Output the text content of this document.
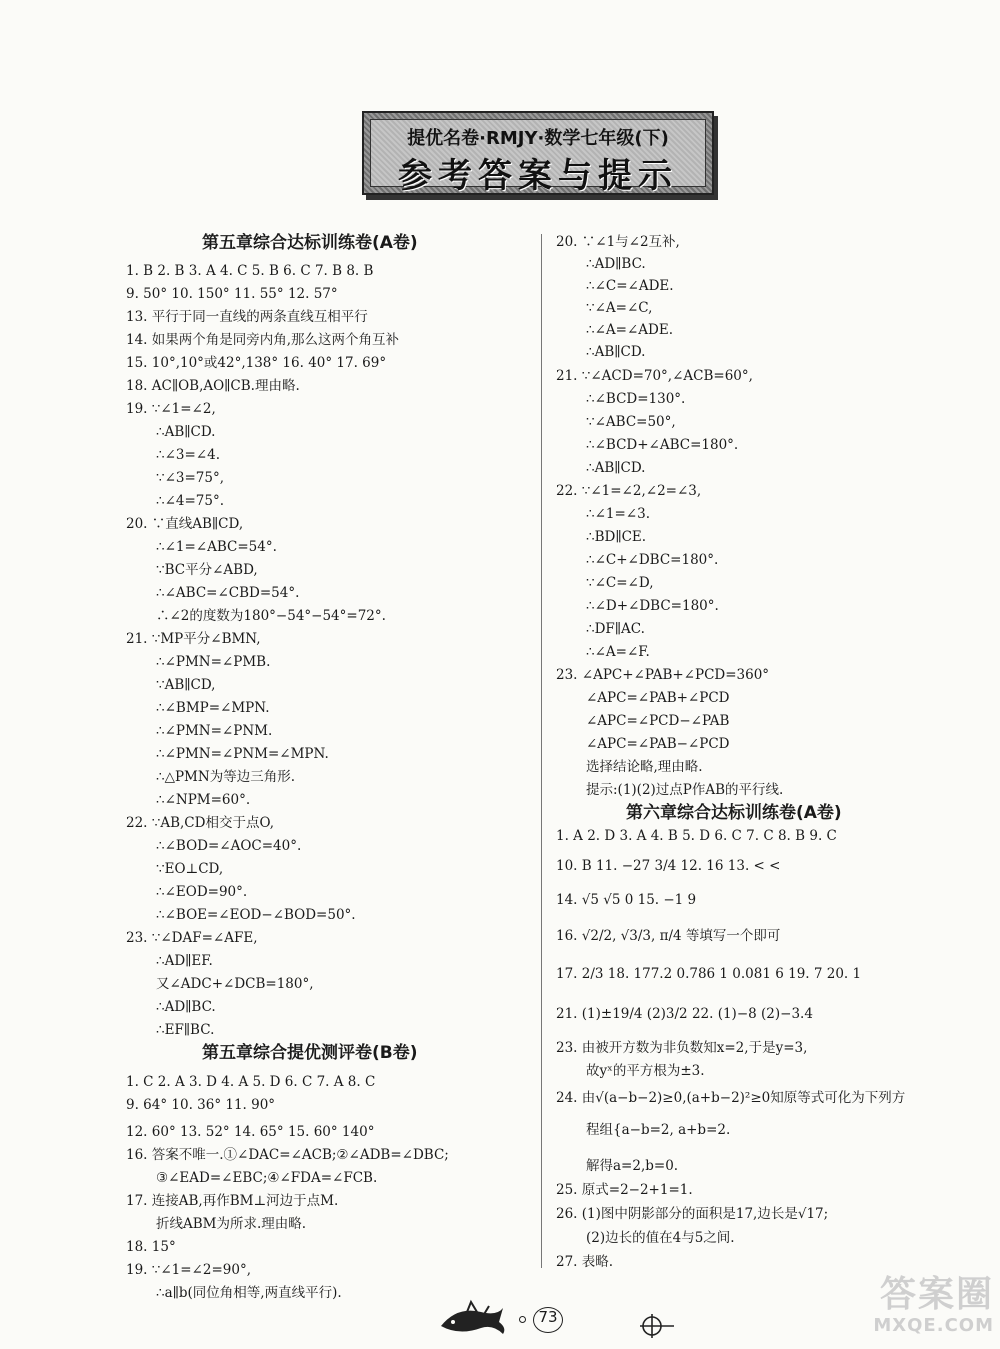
提优名卷·RMJY·数学七年级(下)
参考答案与提示
第五章综合达标训练卷(A卷)
1. B 2. B 3. A 4. C 5. B 6. C 7. B 8. B
9. 50° 10. 150° 11. 55° 12. 57°
13. 平行于同一直线的两条直线互相平行
14. 如果两个角是同旁内角,那么这两个角互补
15. 10°,10°或42°,138° 16. 40° 17. 69°
18. AC∥OB,AO∥CB.理由略.
19. ∵∠1=∠2,
∴AB∥CD.
∴∠3=∠4.
∵∠3=75°,
∴∠4=75°.
20. ∵直线AB∥CD,
∴∠1=∠ABC=54°.
∵BC平分∠ABD,
∴∠ABC=∠CBD=54°.
∴∠2的度数为180°−54°−54°=72°.
21. ∵MP平分∠BMN,
∴∠PMN=∠PMB.
∵AB∥CD,
∴∠BMP=∠MPN.
∴∠PMN=∠PNM.
∴∠PMN=∠PNM=∠MPN.
∴△PMN为等边三角形.
∴∠NPM=60°.
22. ∵AB,CD相交于点O,
∴∠BOD=∠AOC=40°.
∵EO⊥CD,
∴∠EOD=90°.
∴∠BOE=∠EOD−∠BOD=50°.
23. ∵∠DAF=∠AFE,
∴AD∥EF.
又∠ADC+∠DCB=180°,
∴AD∥BC.
∴EF∥BC.
第五章综合提优测评卷(B卷)
1. C 2. A 3. D 4. A 5. D 6. C 7. A 8. C
9. 64° 10. 36° 11. 90°
12. 60° 13. 52° 14. 65° 15. 60° 140°
16. 答案不唯一.①∠DAC=∠ACB;②∠ADB=∠DBC;
③∠EAD=∠EBC;④∠FDA=∠FCB.
17. 连接AB,再作BM⊥河边于点M.
折线ABM为所求.理由略.
18. 15°
19. ∵∠1=∠2=90°,
∴a∥b(同位角相等,两直线平行).
20. ∵∠1与∠2互补,
∴AD∥BC.
∴∠C=∠ADE.
∵∠A=∠C,
∴∠A=∠ADE.
∴AB∥CD.
21. ∵∠ACD=70°,∠ACB=60°,
∴∠BCD=130°.
∵∠ABC=50°,
∴∠BCD+∠ABC=180°.
∴AB∥CD.
22. ∵∠1=∠2,∠2=∠3,
∴∠1=∠3.
∴BD∥CE.
∴∠C+∠DBC=180°.
∵∠C=∠D,
∴∠D+∠DBC=180°.
∴DF∥AC.
∴∠A=∠F.
23. ∠APC+∠PAB+∠PCD=360°
∠APC=∠PAB+∠PCD
∠APC=∠PCD−∠PAB
∠APC=∠PAB−∠PCD
选择结论略,理由略.
提示:(1)(2)过点P作AB的平行线.
第六章综合达标训练卷(A卷)
1. A 2. D 3. A 4. B 5. D 6. C 7. C 8. B 9. C
10. B 11. −27 3/4 12. 16 13. < <
14. √5 √5 0 15. −1 9
16. √2/2, √3/3, π/4 等填写一个即可
17. 2/3 18. 177.2 0.786 1 0.081 6 19. 7 20. 1
21. (1)±19/4 (2)3/2 22. (1)−8 (2)−3.4
23. 由被开方数为非负数知x=2,于是y=3,
故yˣ的平方根为±3.
24. 由√(a−b−2)≥0,(a+b−2)²≥0知原等式可化为下列方
程组{a−b=2, a+b=2.
解得a=2,b=0.
25. 原式=2−2+1=1.
26. (1)图中阴影部分的面积是17,边长是√17;
(2)边长的值在4与5之间.
27. 表略.
73
答案圈
MXQE.COM
